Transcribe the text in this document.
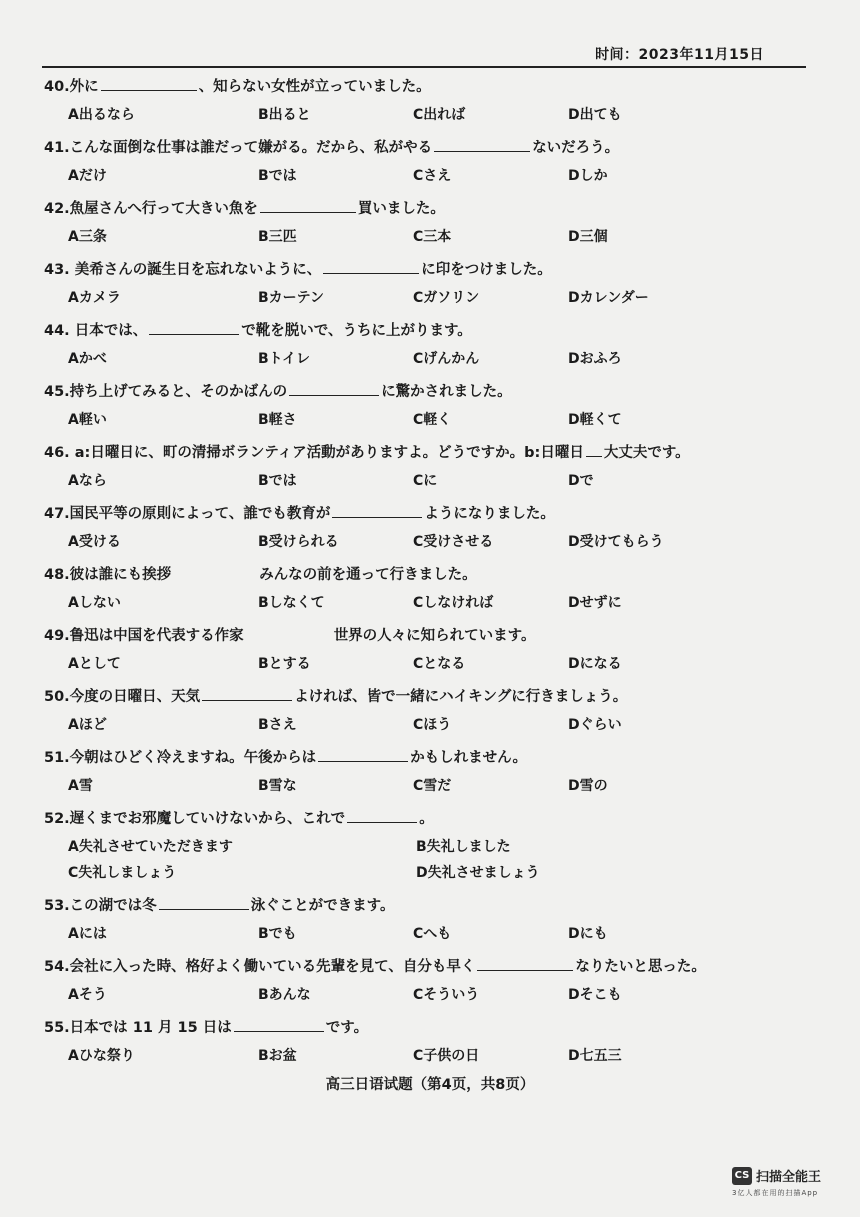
时间：2023年11月15日
40.外に	、知らない女性が立っていました。
A出るなら	B出ると	C出れば	D出ても
41.こんな面倒な仕事は誰だって嫌がる。だから、私がやる	ないだろう。
Aだけ	Bでは	Cさえ	Dしか
42.魚屋さんへ行って大きい魚を	買いました。
A三条	B三匹	C三本	D三個
43. 美希さんの誕生日を忘れないように、	に印をつけました。
Aカメラ	Bカーテン	Cガソリン	Dカレンダー
44. 日本では、	で靴を脱いで、うちに上がります。
Aかべ	Bトイレ	Cげんかん	Dおふろ
45.持ち上げてみると、そのかばんの	に驚かされました。
A軽い	B軽さ	C軽く	D軽くて
46. a:日曜日に、町の清掃ボランティア活動がありますよ。どうですか。b:日曜日 大丈夫です。
Aなら	Bでは	Cに	Dで
47.国民平等の原則によって、誰でも教育が	ようになりました。
A受ける	B受けられる	C受けさせる	D受けてもらう
48.彼は誰にも挨拶	みんなの前を通って行きました。
Aしない	Bしなくて	Cしなければ	Dせずに
49.鲁迅は中国を代表する作家	世界の人々に知られています。
Aとして	Bとする	Cとなる	Dになる
50.今度の日曜日、天気	よければ、皆で一緒にハイキングに行きましょう。
Aほど	Bさえ	Cほう	Dぐらい
51.今朝はひどく冷えますね。午後からは	かもしれません。
A雪	B雪な	C雪だ	D雪の
52.遅くまでお邪魔していけないから、これで	。
A失礼させていただきます	B失礼しました
C失礼しましょう	D失礼させましょう
53.この湖では冬	泳ぐことができます。
Aには	Bでも	Cへも	Dにも
54.会社に入った時、格好よく働いている先輩を見て、自分も早く	なりたいと思った。
Aそう	Bあんな	Cそういう	Dそこも
55.日本では 11 月 15 日は	です。
Aひな祭り	Bお盆	C子供の日	D七五三
高三日语试题（第4页，共8页）
CS 扫描全能王
3亿人都在用的扫描App
